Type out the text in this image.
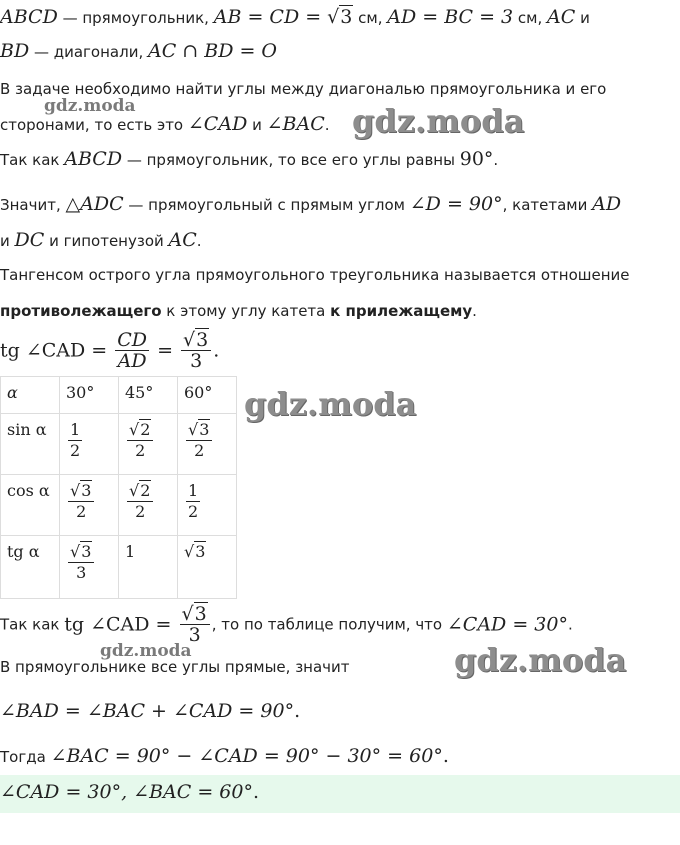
ABCD — прямоугольник, AB = CD = √3 см, AD = BC = 3 см, AC и
BD — диагонали, AC ∩ BD = O
В задаче необходимо найти углы между диагональю прямоугольника и его
gdz.moda
сторонами, то есть это ∠CAD и ∠BAC. gdz.moda
Так как ABCD — прямоугольник, то все его углы равны 90°.
Значит, △ADC — прямоугольный с прямым углом ∠D = 90°, катетами AD
и DC и гипотенузой AC.
Тангенсом острого угла прямоугольного треугольника называется отношение
противолежащего к этому углу катета к прилежащему.
tg ∠CAD = $\frac{CD}{AD} = \frac{√3}{3}$ .
α	30°	45°	60°
sin α	$\frac{1}{2}$	$\frac{√2}{2}$	$\frac{√3}{2}$

cos α	$\frac{√3}{2}$	$\frac{√2}{2}$	$\frac{1}{2}$

tg α	$\frac{√3}{3}$	1	√3
gdz.moda
Так как tg ∠CAD = $\frac{√3}{3}$ , то по таблице получим, что ∠CAD = 30°.
gdz.moda
В прямоугольнике все углы прямые, значит	gdz.moda
∠BAD = ∠BAC + ∠CAD = 90°.
Тогда ∠BAC = 90° − ∠CAD = 90° − 30° = 60°.
∠CAD = 30°, ∠BAC = 60°.
